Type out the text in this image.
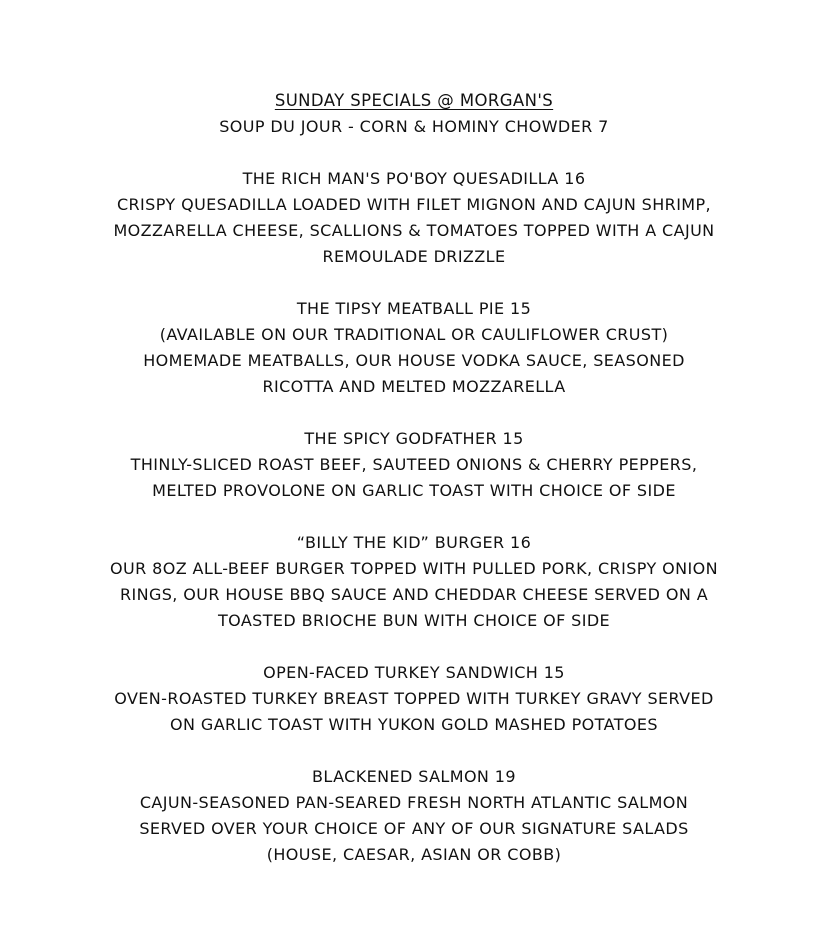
SUNDAY SPECIALS @ MORGAN'S
SOUP DU JOUR - CORN & HOMINY CHOWDER 7
THE RICH MAN'S PO'BOY QUESADILLA 16
CRISPY QUESADILLA LOADED WITH FILET MIGNON AND CAJUN SHRIMP,
MOZZARELLA CHEESE, SCALLIONS & TOMATOES TOPPED WITH A CAJUN
REMOULADE DRIZZLE
THE TIPSY MEATBALL PIE 15
(AVAILABLE ON OUR TRADITIONAL OR CAULIFLOWER CRUST)
HOMEMADE MEATBALLS, OUR HOUSE VODKA SAUCE, SEASONED
RICOTTA AND MELTED MOZZARELLA
THE SPICY GODFATHER 15
THINLY-SLICED ROAST BEEF, SAUTEED ONIONS & CHERRY PEPPERS,
MELTED PROVOLONE ON GARLIC TOAST WITH CHOICE OF SIDE
“BILLY THE KID” BURGER 16
OUR 8OZ ALL-BEEF BURGER TOPPED WITH PULLED PORK, CRISPY ONION
RINGS, OUR HOUSE BBQ SAUCE AND CHEDDAR CHEESE SERVED ON A
TOASTED BRIOCHE BUN WITH CHOICE OF SIDE
OPEN-FACED TURKEY SANDWICH 15
OVEN-ROASTED TURKEY BREAST TOPPED WITH TURKEY GRAVY SERVED
ON GARLIC TOAST WITH YUKON GOLD MASHED POTATOES
BLACKENED SALMON 19
CAJUN-SEASONED PAN-SEARED FRESH NORTH ATLANTIC SALMON
SERVED OVER YOUR CHOICE OF ANY OF OUR SIGNATURE SALADS
(HOUSE, CAESAR, ASIAN OR COBB)
